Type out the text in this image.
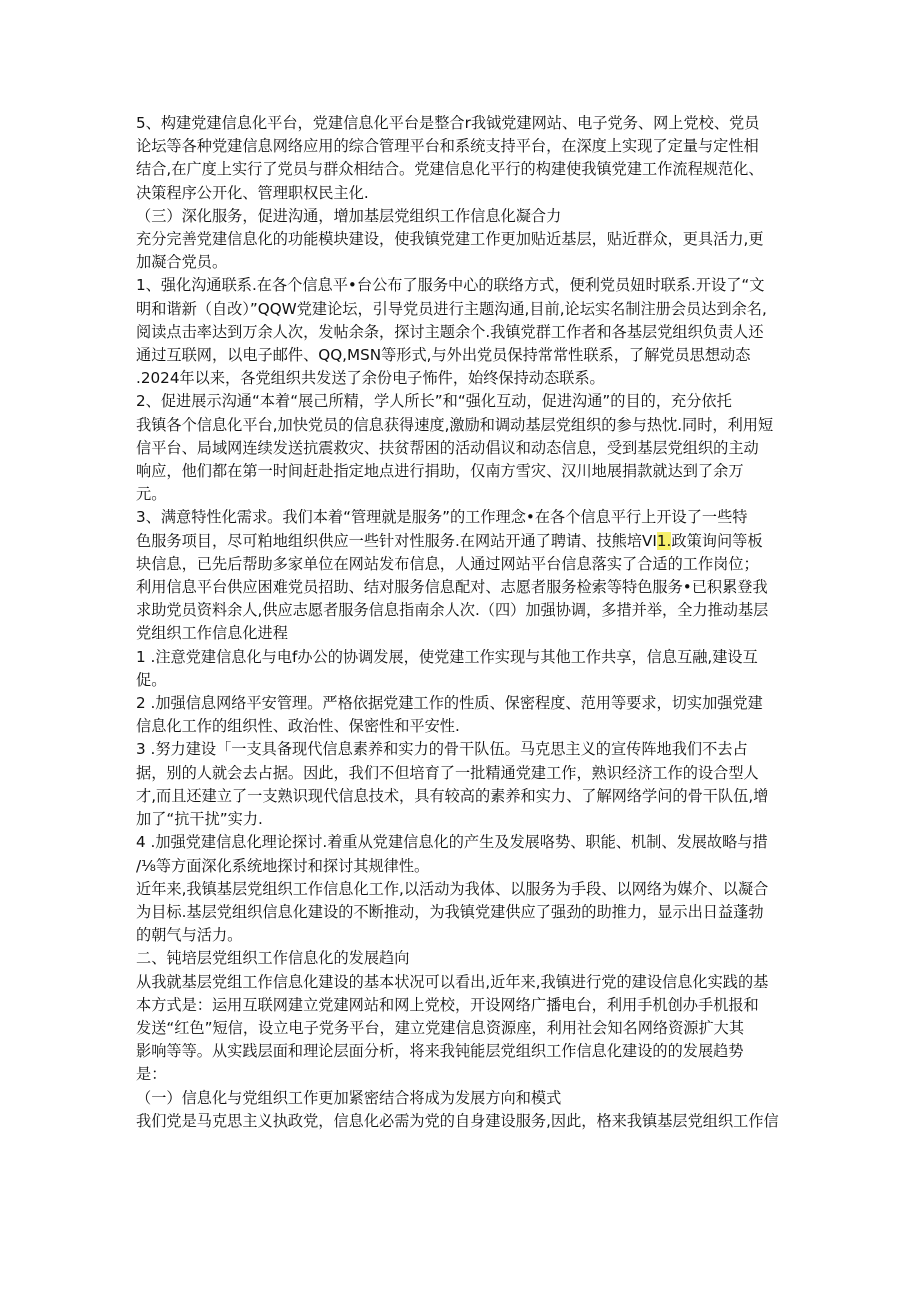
5、构建党建信息化平台，党建信息化平台是整合r我钺党建网站、电子党务、网上党校、党员
论坛等各种党建信息网络应用的综合管理平台和系统支持平台，在深度上实现了定量与定性相
结合,在广度上实行了党员与群众相结合。党建信息化平行的构建使我镇党建工作流程规范化、
决策程序公开化、管理职权民主化.

（三）深化服务，促进沟通，增加基层党组织工作信息化凝合力

充分完善党建信息化的功能模块建设，使我镇党建工作更加贴近基层，贴近群众，更具活力,更
加凝合党员。

1、强化沟通联系.在各个信息平•台公布了服务中心的联络方式，便利党员妞时联系.开设了“文
明和谐新（自改）”QQW党建论坛，引导党员进行主题沟通,目前,论坛实名制注册会员达到余名,
阅读点击率达到万余人次，发帖余条，探讨主题余个.我镇党群工作者和各基层党组织负责人还
通过互联网，以电子邮件、QQ,MSN等形式,与外出党员保持常常性联系，了解党员思想动态
.2024年以来，各党组织共发送了余份电子怖件，始终保持动态联系。

2、促进展示沟通“本着“展己所精，学人所长”和“强化互动，促进沟通”的目的，充分依托
我镇各个信息化平台,加快党员的信息获得速度,激励和调动基层党组织的参与热忱.同时，利用短
信平台、局域网连续发送抗震救灾、扶贫帮困的活动倡议和动态信息，受到基层党组织的主动
响应，他们都在第一时间赶赴指定地点进行捐助，仅南方雪灾、汉川地展捐款就达到了余万
元。

3、满意特性化需求。我们本着“管理就是服务”的工作理念•在各个信息平行上开设了一些特
色服务项目，尽可粕地组织供应一些针对性服务.在网站开通了聘请、技熊培VI1.政策询问等板
块信息，已先后帮助多家单位在网站发布信息，人通过网站平台信息落实了合适的工作岗位；
利用信息平台供应困难党员招助、结对服务信息配对、志愿者服务检索等特色服务•已积累登我
求助党员资料余人,供应志愿者服务信息指南余人次.（四）加强协调，多措并举，全力推动基层
党组织工作信息化进程

1 .注意党建信息化与电f办公的协调发展，使党建工作实现与其他工作共享，信息互融,建设互
促。

2 .加强信息网络平安管理。严格依据党建工作的性质、保密程度、范用等要求，切实加强党建
信息化工作的组织性、政治性、保密性和平安性.

3 .努力建设「一支具备现代信息素养和实力的骨干队伍。马克思主义的宣传阵地我们不去占
据，别的人就会去占据。因此，我们不但培育了一批精通党建工作，熟识经济工作的设合型人
才,而且还建立了一支熟识现代信息技术，具有较高的素养和实力、了解网络学问的骨干队伍,增
加了“抗干扰”实力.

4 .加强党建信息化理论探讨.着重从党建信息化的产生及发展咯势、职能、机制、发展故略与措
/⅛等方面深化系统地探讨和探讨其规律性。

近年来,我镇基层党组织工作信息化工作,以活动为我体、以服务为手段、以网络为媒介、以凝合
为目标.基层党组织信息化建设的不断推动，为我镇党建供应了强劲的助推力，显示出日益蓬勃
的朝气与活力。

二、钝培层党组织工作信息化的发展趋向

从我就基层党组工作信息化建设的基本状况可以看出,近年来,我镇进行党的建设信息化实践的基
本方式是：运用互联网建立党建网站和网上党校，开设网络广播电台，利用手机创办手机报和
发送“红色”短信，设立电子党务平台，建立党建信息资源座，利用社会知名网络资源扩大其
影响等等。从实践层面和理论层面分析，将来我钝能层党组织工作信息化建设的的发展趋势
是：

（一）信息化与党组织工作更加紧密结合将成为发展方向和模式

我们党是马克思主义执政党，信息化必需为党的自身建设服务,因此，格来我镇基层党组织工作信
